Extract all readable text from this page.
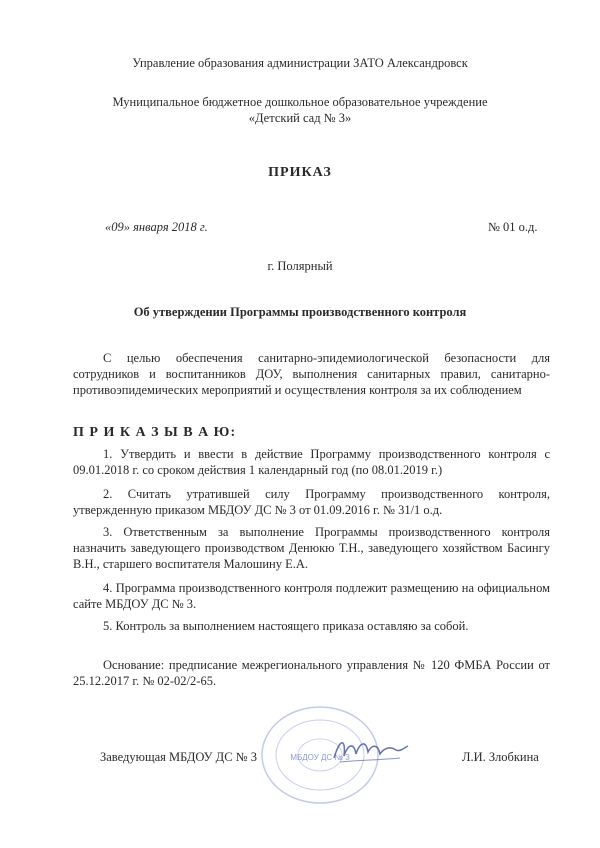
Управление образования администрации ЗАТО Александровск
Муниципальное бюджетное дошкольное образовательное учреждение
«Детский сад № 3»
ПРИКАЗ
«09» января 2018 г.	№ 01 о.д.
г. Полярный
Об утверждении Программы производственного контроля

С целью обеспечения санитарно-эпидемиологической безопасности для сотрудников и воспитанников ДОУ, выполнения санитарных правил, санитарно-противоэпидемических мероприятий и осуществления контроля за их соблюдением

П Р И К А З Ы В А Ю:

1. Утвердить и ввести в действие Программу производственного контроля с 09.01.2018 г. со сроком действия 1 календарный год (по 08.01.2019 г.)

2. Считать утратившей силу Программу производственного контроля, утвержденную приказом МБДОУ ДС № 3 от 01.09.2016 г. № 31/1 о.д.

3. Ответственным за выполнение Программы производственного контроля назначить заведующего производством Денюкю Т.Н., заведующего хозяйством Басингу В.Н., старшего воспитателя Малошину Е.А.

4. Программа производственного контроля подлежит размещению на официальном сайте МБДОУ ДС № 3.

5. Контроль за выполнением настоящего приказа оставляю за собой.

Основание: предписание межрегионального управления № 120 ФМБА России от 25.12.2017 г. № 02-02/2-65.

МБДОУ ДС № 3
Заведующая МБДОУ ДС № 3	Л.И. Злобкина
